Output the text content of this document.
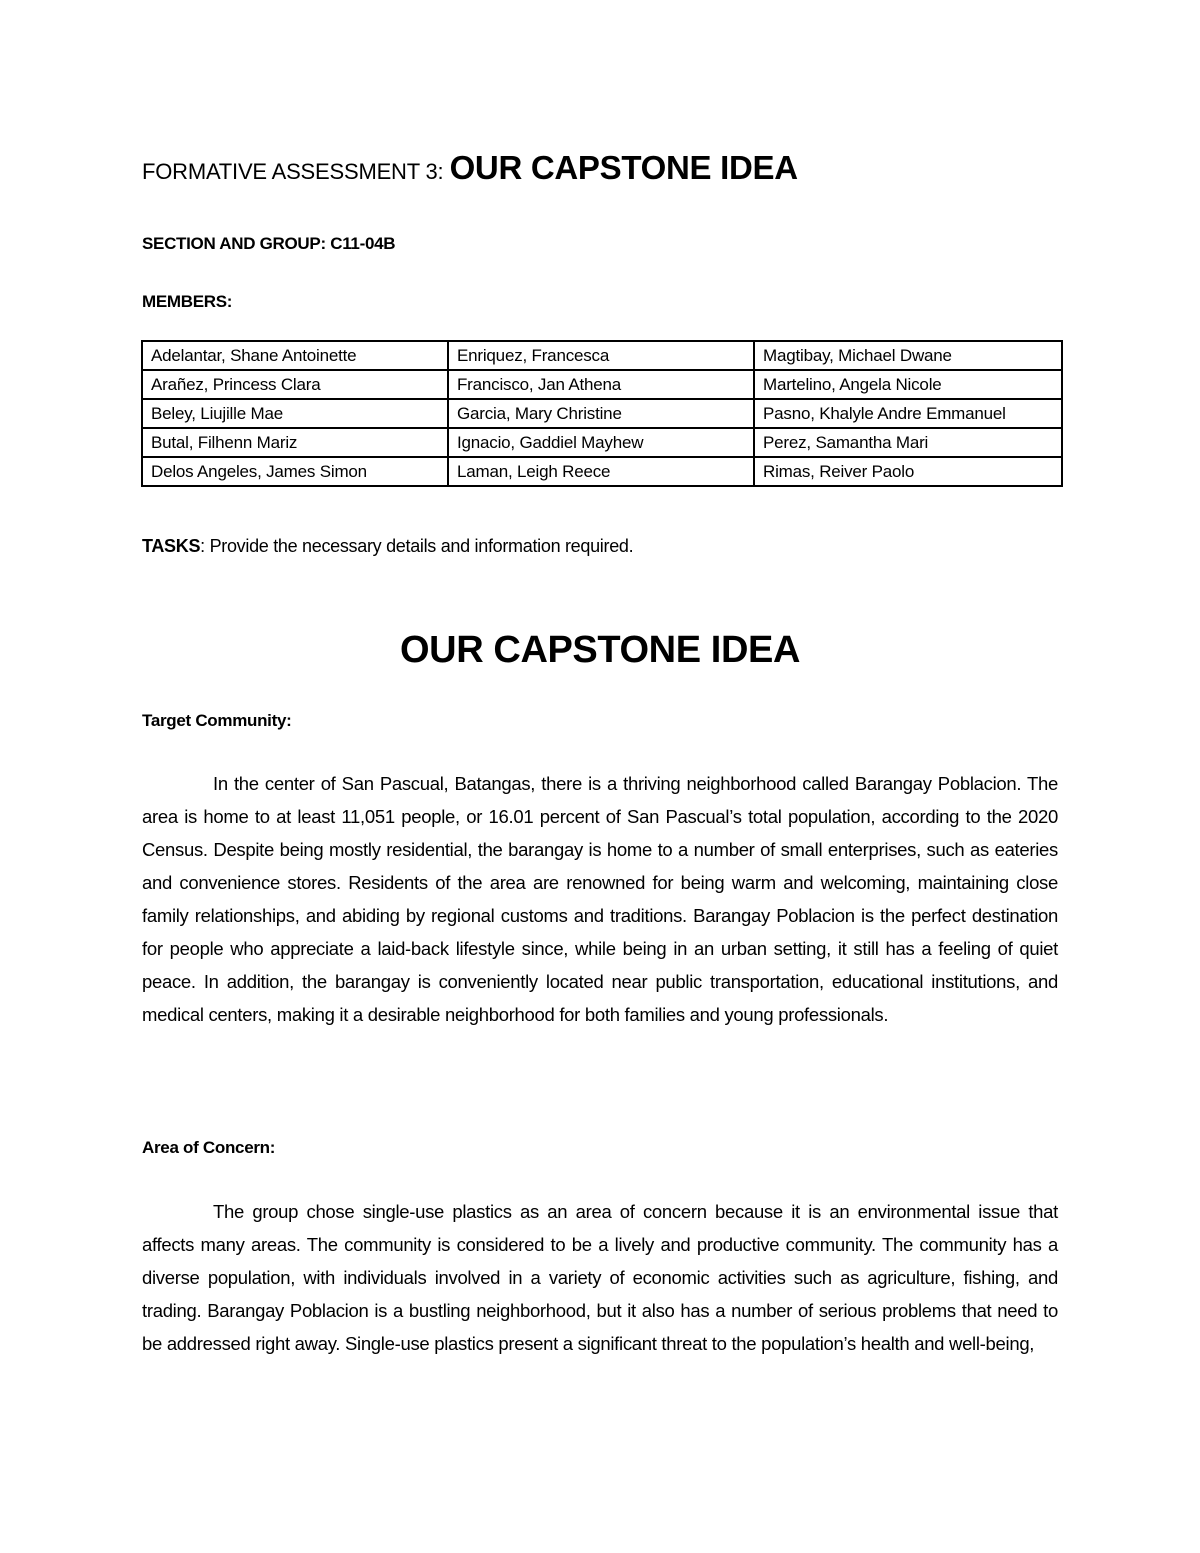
FORMATIVE ASSESSMENT 3: OUR CAPSTONE IDEA
SECTION AND GROUP: C11-04B
MEMBERS:
Adelantar, Shane Antoinette	Enriquez, Francesca	Magtibay, Michael Dwane
Arañez, Princess Clara	Francisco, Jan Athena	Martelino, Angela Nicole
Beley, Liujille Mae	Garcia, Mary Christine	Pasno, Khalyle Andre Emmanuel
Butal, Filhenn Mariz	Ignacio, Gaddiel Mayhew	Perez, Samantha Mari
Delos Angeles, James Simon	Laman, Leigh Reece	Rimas, Reiver Paolo
TASKS: Provide the necessary details and information required.
OUR CAPSTONE IDEA
Target Community:
In the center of San Pascual, Batangas, there is a thriving neighborhood called Barangay Poblacion. The area is home to at least 11,051 people, or 16.01 percent of San Pascual’s total population, according to the 2020 Census. Despite being mostly residential, the barangay is home to a number of small enterprises, such as eateries and convenience stores. Residents of the area are renowned for being warm and welcoming, maintaining close family relationships, and abiding by regional customs and traditions. Barangay Poblacion is the perfect destination for people who appreciate a laid-back lifestyle since, while being in an urban setting, it still has a feeling of quiet peace. In addition, the barangay is conveniently located near public transportation, educational institutions, and medical centers, making it a desirable neighborhood for both families and young professionals.
Area of Concern:
The group chose single-use plastics as an area of concern because it is an environmental issue that affects many areas. The community is considered to be a lively and productive community. The community has a diverse population, with individuals involved in a variety of economic activities such as agriculture, fishing, and trading. Barangay Poblacion is a bustling neighborhood, but it also has a number of serious problems that need to be addressed right away. Single-use plastics present a significant threat to the population’s health and well-being,
